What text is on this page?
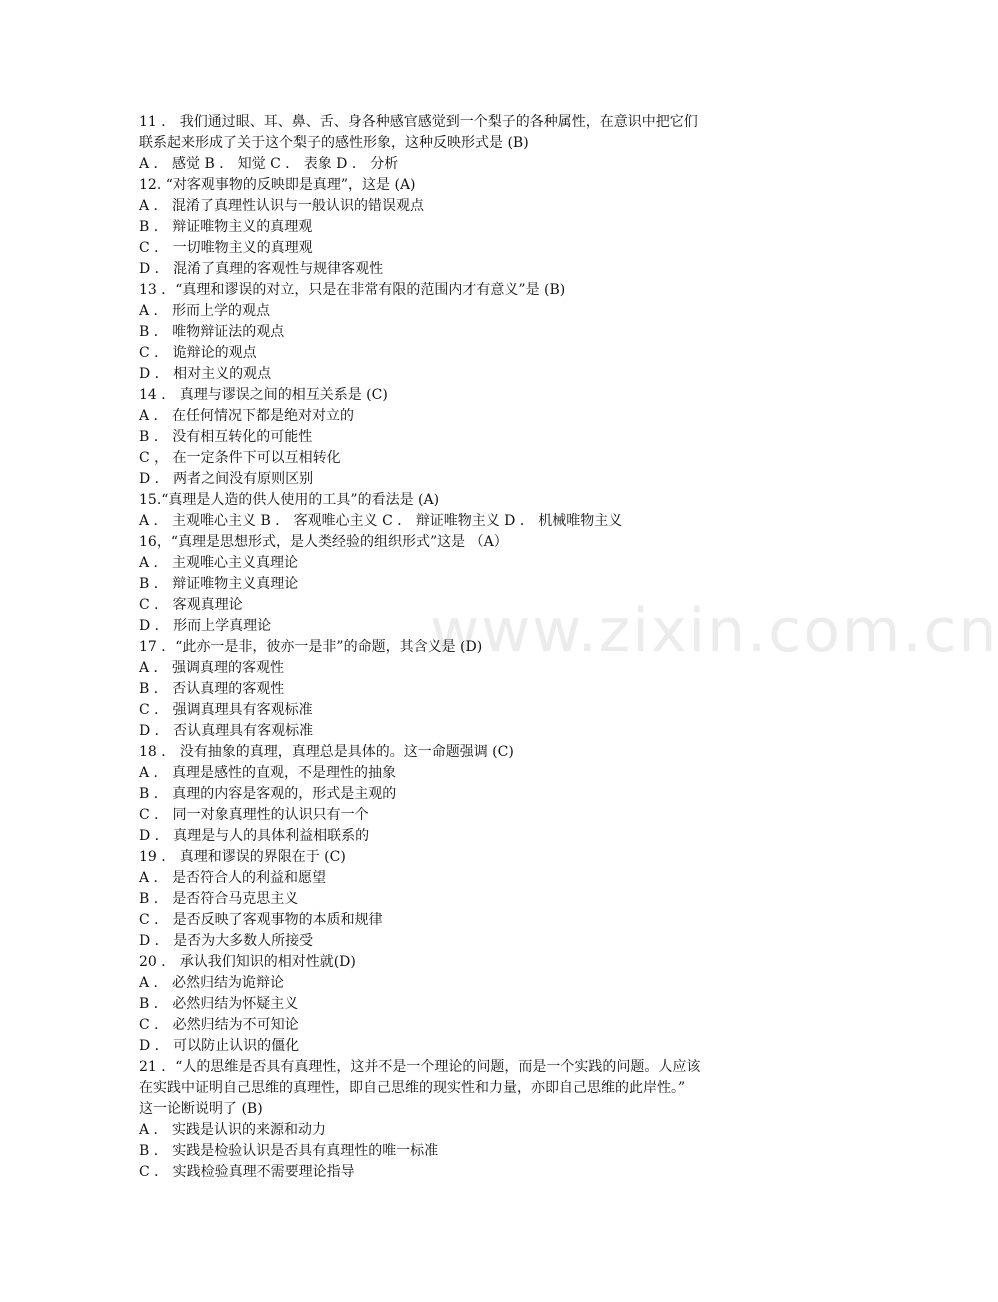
www.zixin.com.cn
11 ． 我们通过眼、耳、鼻、舌、身各种感官感觉到一个梨子的各种属性，在意识中把它们
联系起来形成了关于这个梨子的感性形象，这种反映形式是 (B)
A ． 感觉 B ． 知觉 C ． 表象 D ． 分析
12. “对客观事物的反映即是真理”，这是 (A)
A ． 混淆了真理性认识与一般认识的错误观点
B ． 辩证唯物主义的真理观
C ． 一切唯物主义的真理观
D ． 混淆了真理的客观性与规律客观性
13 ．“真理和谬误的对立，只是在非常有限的范围内才有意义”是 (B)
A ． 形而上学的观点
B ． 唯物辩证法的观点
C ． 诡辩论的观点
D ． 相对主义的观点
14 ． 真理与谬误之间的相互关系是 (C)
A ． 在任何情况下都是绝对对立的
B ． 没有相互转化的可能性
C ， 在一定条件下可以互相转化
D ． 两者之间没有原则区别
15.“真理是人造的供人使用的工具”的看法是 (A)
A ． 主观唯心主义 B ． 客观唯心主义 C ． 辩证唯物主义 D ． 机械唯物主义
16，“真理是思想形式，是人类经验的组织形式”这是 （A）
A ． 主观唯心主义真理论
B ． 辩证唯物主义真理论
C ． 客观真理论
D ． 形而上学真理论
17 ．“此亦一是非，彼亦一是非”的命题，其含义是 (D)
A ． 强调真理的客观性
B ． 否认真理的客观性
C ． 强调真理具有客观标准
D ． 否认真理具有客观标准
18 ． 没有抽象的真理，真理总是具体的。这一命题强调 (C)
A ． 真理是感性的直观，不是理性的抽象
B ． 真理的内容是客观的，形式是主观的
C ． 同一对象真理性的认识只有一个
D ． 真理是与人的具体利益相联系的
19 ． 真理和谬误的界限在于 (C)
A ． 是否符合人的利益和愿望
B ． 是否符合马克思主义
C ． 是否反映了客观事物的本质和规律
D ． 是否为大多数人所接受
20 ． 承认我们知识的相对性就(D)
A ． 必然归结为诡辩论
B ． 必然归结为怀疑主义
C ． 必然归结为不可知论
D ． 可以防止认识的僵化
21 ．“人的思维是否具有真理性，这并不是一个理论的问题，而是一个实践的问题。人应该
在实践中证明自己思维的真理性，即自己思维的现实性和力量，亦即自己思维的此岸性。”
这一论断说明了 (B)
A ． 实践是认识的来源和动力
B ． 实践是检验认识是否具有真理性的唯一标准
C ． 实践检验真理不需要理论指导
